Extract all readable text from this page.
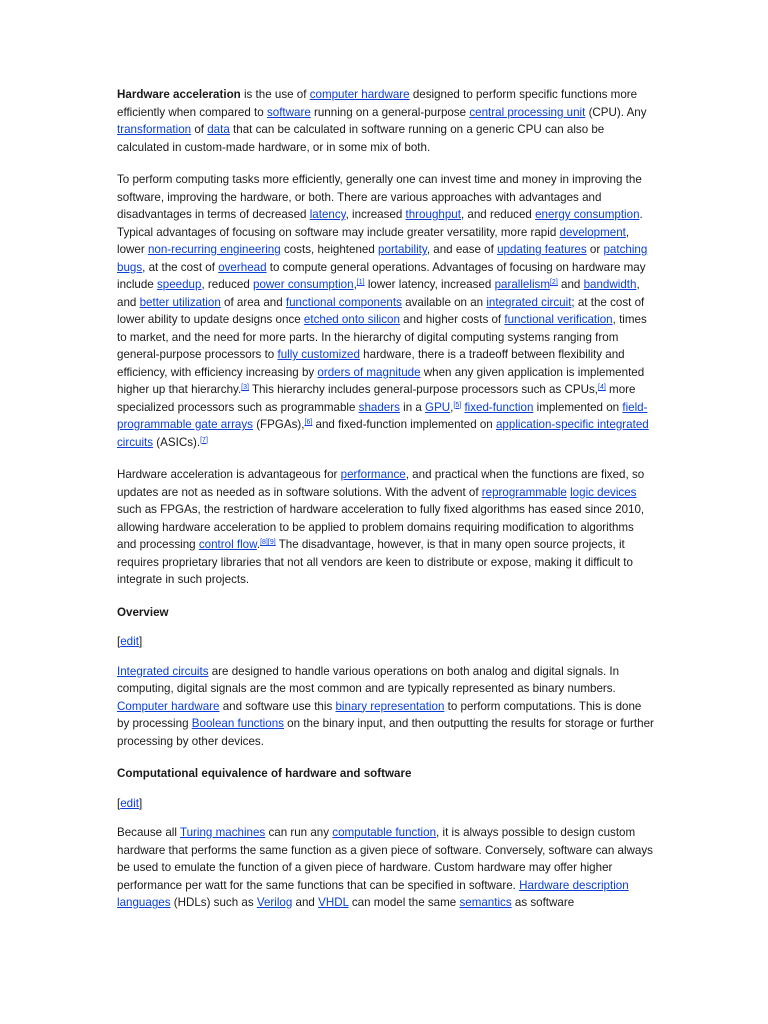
Hardware acceleration is the use of computer hardware designed to perform specific functions more efficiently when compared to software running on a general-purpose central processing unit (CPU). Any transformation of data that can be calculated in software running on a generic CPU can also be calculated in custom-made hardware, or in some mix of both.

To perform computing tasks more efficiently, generally one can invest time and money in improving the software, improving the hardware, or both. There are various approaches with advantages and disadvantages in terms of decreased latency, increased throughput, and reduced energy consumption. Typical advantages of focusing on software may include greater versatility, more rapid development, lower non-recurring engineering costs, heightened portability, and ease of updating features or patching bugs, at the cost of overhead to compute general operations. Advantages of focusing on hardware may include speedup, reduced power consumption,[1] lower latency, increased parallelism[2] and bandwidth, and better utilization of area and functional components available on an integrated circuit; at the cost of lower ability to update designs once etched onto silicon and higher costs of functional verification, times to market, and the need for more parts. In the hierarchy of digital computing systems ranging from general-purpose processors to fully customized hardware, there is a tradeoff between flexibility and efficiency, with efficiency increasing by orders of magnitude when any given application is implemented higher up that hierarchy.[3] This hierarchy includes general-purpose processors such as CPUs,[4] more specialized processors such as programmable shaders in a GPU,[5] fixed-function implemented on field-programmable gate arrays (FPGAs),[6] and fixed-function implemented on application-specific integrated circuits (ASICs).[7]

Hardware acceleration is advantageous for performance, and practical when the functions are fixed, so updates are not as needed as in software solutions. With the advent of reprogrammable logic devices such as FPGAs, the restriction of hardware acceleration to fully fixed algorithms has eased since 2010, allowing hardware acceleration to be applied to problem domains requiring modification to algorithms and processing control flow.[8][9] The disadvantage, however, is that in many open source projects, it requires proprietary libraries that not all vendors are keen to distribute or expose, making it difficult to integrate in such projects.

Overview
[edit]

Integrated circuits are designed to handle various operations on both analog and digital signals. In computing, digital signals are the most common and are typically represented as binary numbers. Computer hardware and software use this binary representation to perform computations. This is done by processing Boolean functions on the binary input, and then outputting the results for storage or further processing by other devices.

Computational equivalence of hardware and software
[edit]

Because all Turing machines can run any computable function, it is always possible to design custom hardware that performs the same function as a given piece of software. Conversely, software can always be used to emulate the function of a given piece of hardware. Custom hardware may offer higher performance per watt for the same functions that can be specified in software. Hardware description languages (HDLs) such as Verilog and VHDL can model the same semantics as software
